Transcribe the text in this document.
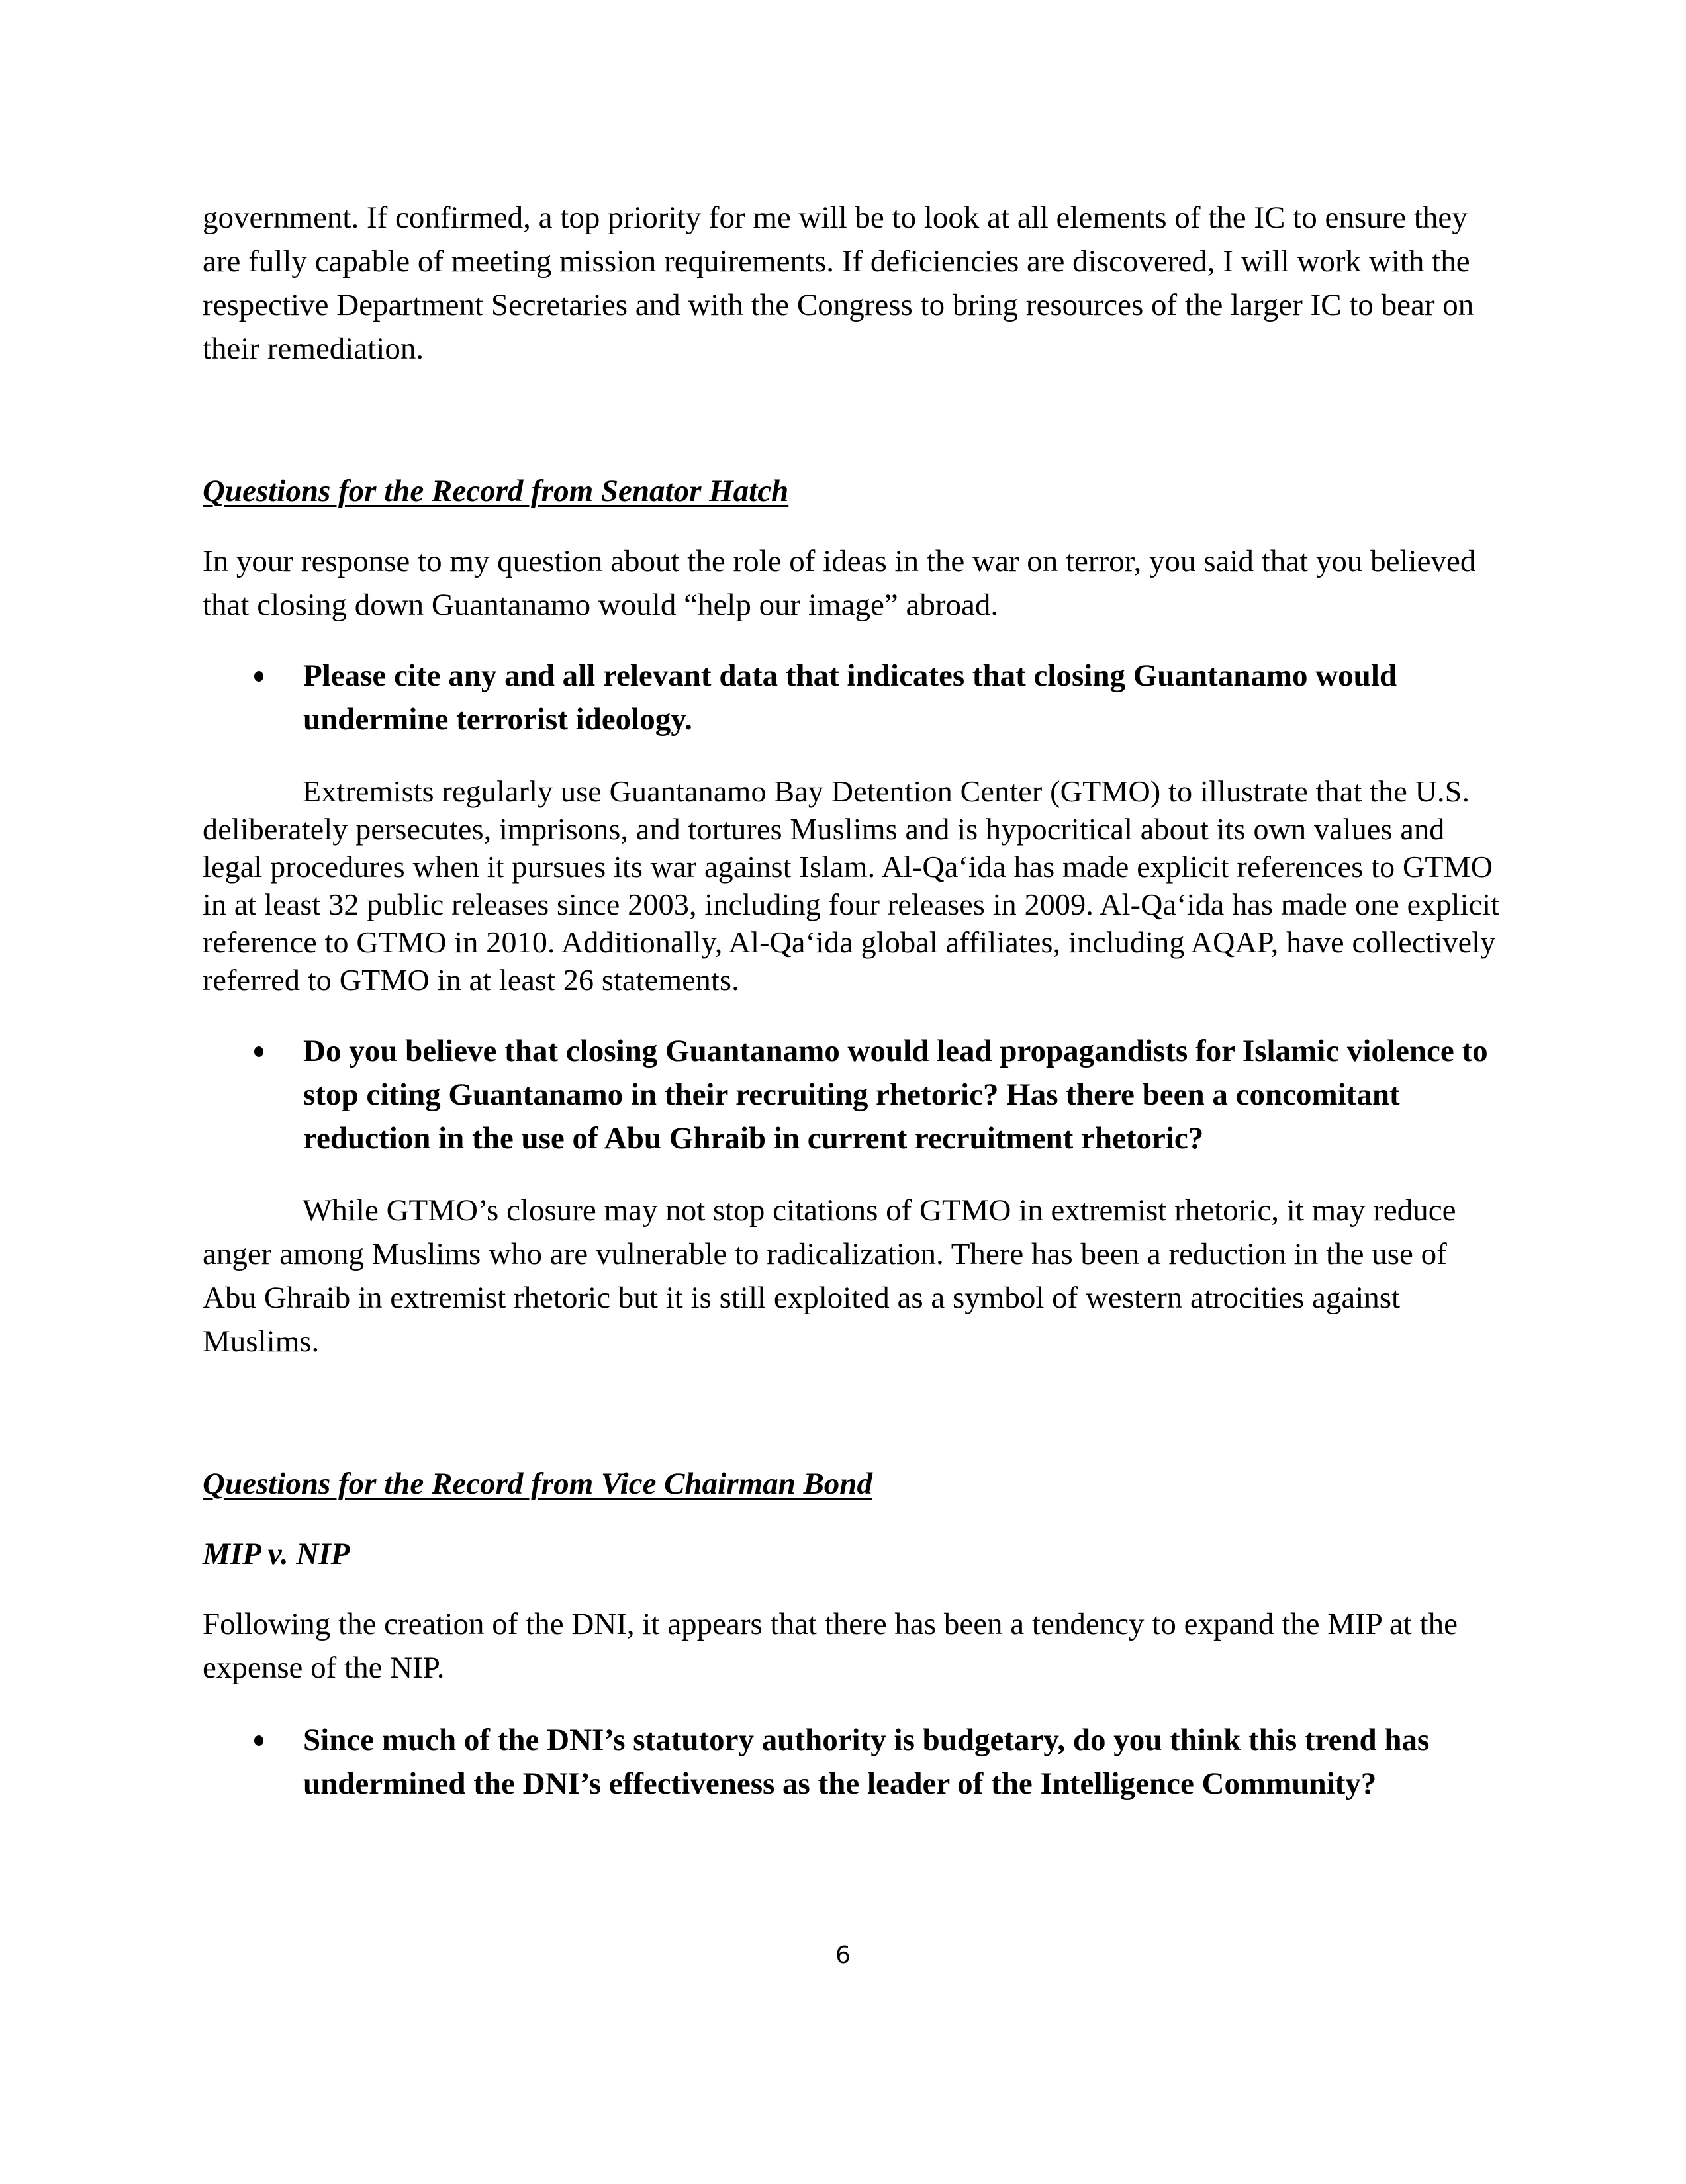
government. If confirmed, a top priority for me will be to look at all elements of the IC to ensure they are fully capable of meeting mission requirements. If deficiencies are discovered, I will work with the respective Department Secretaries and with the Congress to bring resources of the larger IC to bear on their remediation.

Questions for the Record from Senator Hatch

In your response to my question about the role of ideas in the war on terror, you said that you believed that closing down Guantanamo would “help our image” abroad.

Please cite any and all relevant data that indicates that closing Guantanamo would undermine terrorist ideology.

Extremists regularly use Guantanamo Bay Detention Center (GTMO) to illustrate that the U.S. deliberately persecutes, imprisons, and tortures Muslims and is hypocritical about its own values and legal procedures when it pursues its war against Islam. Al-Qa‘ida has made explicit references to GTMO in at least 32 public releases since 2003, including four releases in 2009. Al-Qa‘ida has made one explicit reference to GTMO in 2010. Additionally, Al-Qa‘ida global affiliates, including AQAP, have collectively referred to GTMO in at least 26 statements.

Do you believe that closing Guantanamo would lead propagandists for Islamic violence to stop citing Guantanamo in their recruiting rhetoric? Has there been a concomitant reduction in the use of Abu Ghraib in current recruitment rhetoric?

While GTMO’s closure may not stop citations of GTMO in extremist rhetoric, it may reduce anger among Muslims who are vulnerable to radicalization. There has been a reduction in the use of Abu Ghraib in extremist rhetoric but it is still exploited as a symbol of western atrocities against Muslims.

Questions for the Record from Vice Chairman Bond

MIP v. NIP

Following the creation of the DNI, it appears that there has been a tendency to expand the MIP at the expense of the NIP.

Since much of the DNI’s statutory authority is budgetary, do you think this trend has undermined the DNI’s effectiveness as the leader of the Intelligence Community?

6
